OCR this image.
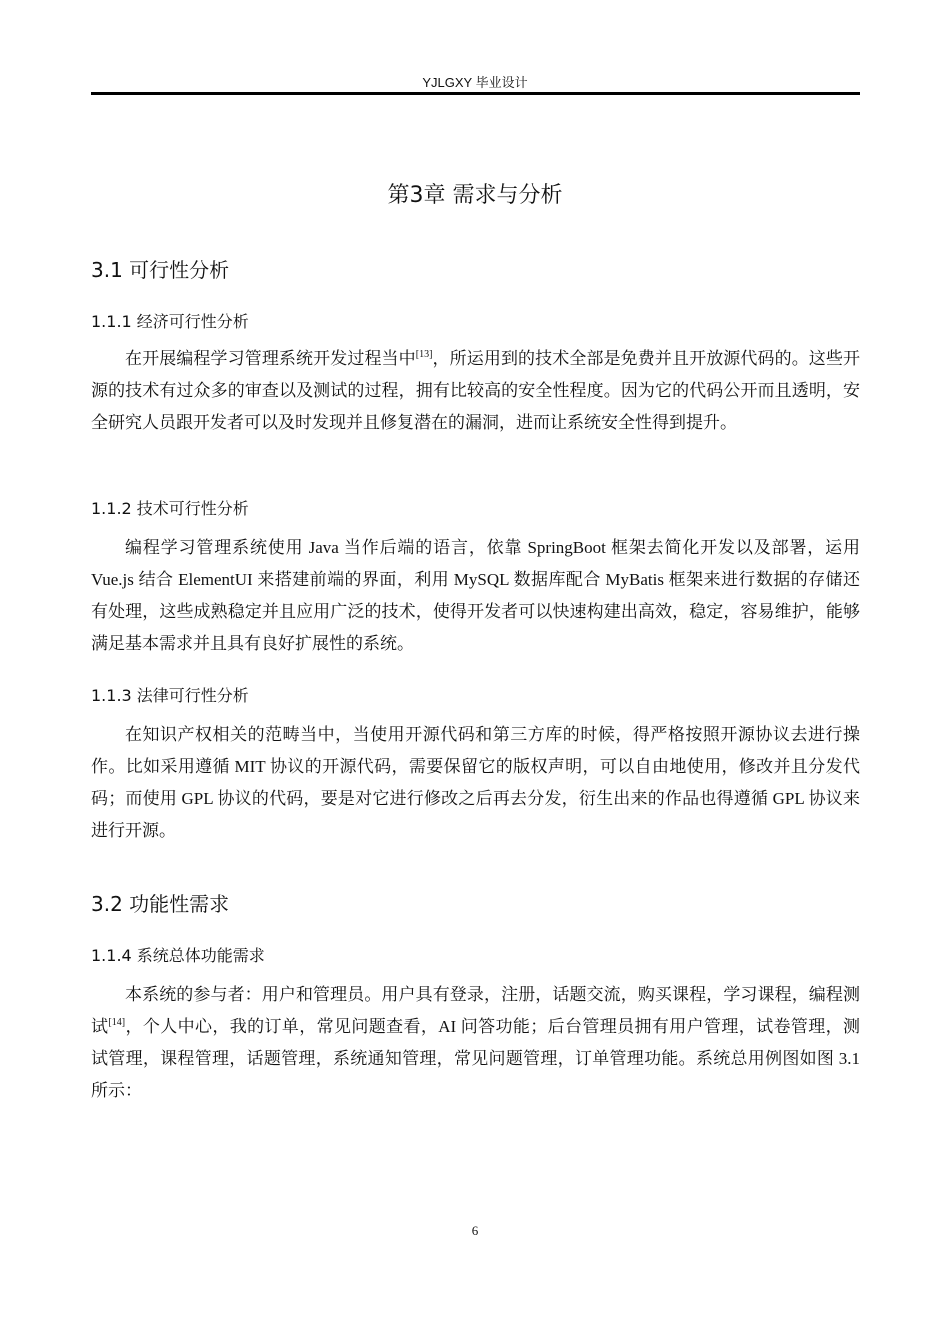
YJLGXY 毕业设计
第3章 需求与分析
3.1 可行性分析
1.1.1 经济可行性分析
在开展编程学习管理系统开发过程当中[13]，所运用到的技术全部是免费并且开放源代码的。这些开源的技术有过众多的审查以及测试的过程，拥有比较高的安全性程度。因为它的代码公开而且透明，安全研究人员跟开发者可以及时发现并且修复潜在的漏洞，进而让系统安全性得到提升。
1.1.2 技术可行性分析
编程学习管理系统使用 Java 当作后端的语言，依靠 SpringBoot 框架去简化开发以及部署，运用 Vue.js 结合 ElementUI 来搭建前端的界面，利用 MySQL 数据库配合 MyBatis 框架来进行数据的存储还有处理，这些成熟稳定并且应用广泛的技术，使得开发者可以快速构建出高效，稳定，容易维护，能够满足基本需求并且具有良好扩展性的系统。
1.1.3 法律可行性分析
在知识产权相关的范畴当中，当使用开源代码和第三方库的时候，得严格按照开源协议去进行操作。比如采用遵循 MIT 协议的开源代码，需要保留它的版权声明，可以自由地使用，修改并且分发代码；而使用 GPL 协议的代码，要是对它进行修改之后再去分发，衍生出来的作品也得遵循 GPL 协议来进行开源。
3.2 功能性需求
1.1.4 系统总体功能需求
本系统的参与者：用户和管理员。用户具有登录，注册，话题交流，购买课程，学习课程，编程测试[14]，个人中心，我的订单，常见问题查看，AI 问答功能；后台管理员拥有用户管理，试卷管理，测试管理，课程管理，话题管理，系统通知管理，常见问题管理，订单管理功能。系统总用例图如图 3.1 所示：
6
